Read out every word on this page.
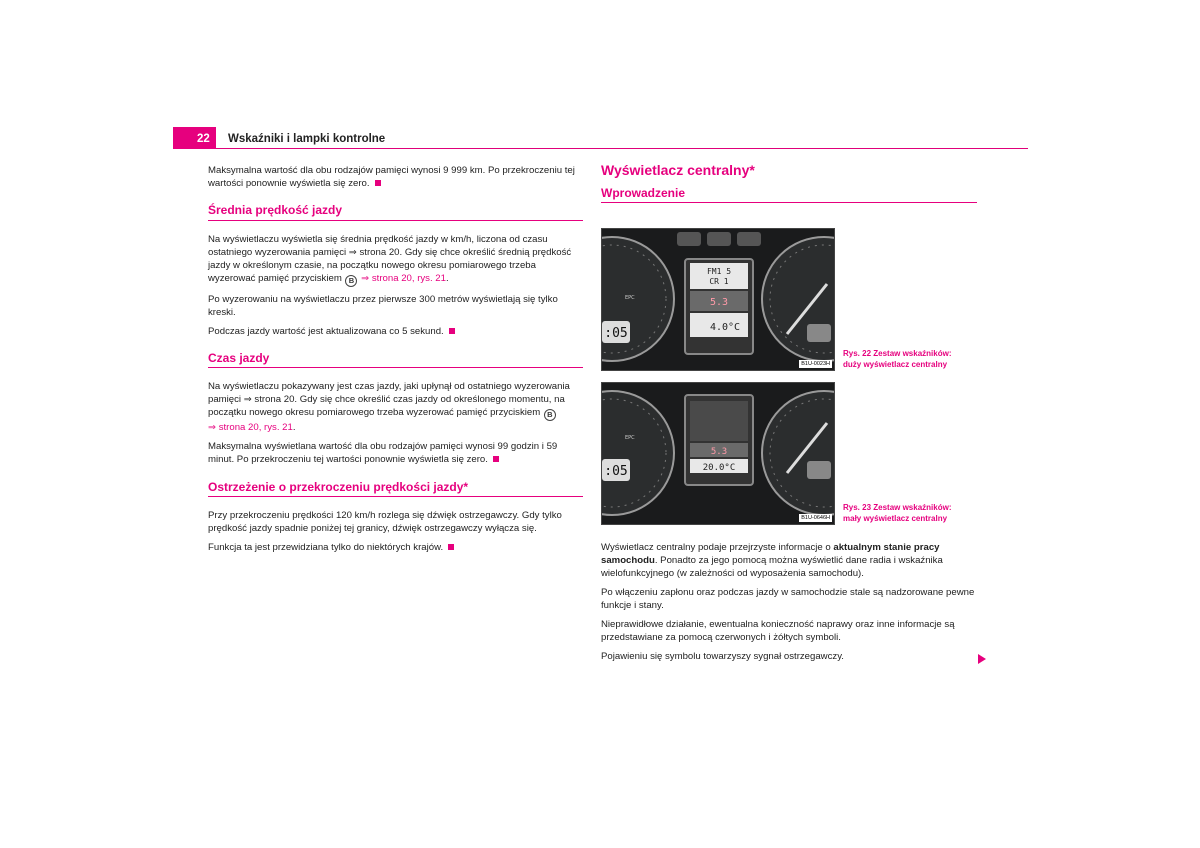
22	Wskaźniki i lampki kontrolne

Maksymalna wartość dla obu rodzajów pamięci wynosi 9 999 km. Po przekroczeniu tej wartości ponownie wyświetla się zero.

Średnia prędkość jazdy

Na wyświetlaczu wyświetla się średnia prędkość jazdy w km/h, liczona od czasu ostatniego wyzerowania pamięci ⇒ strona 20. Gdy się chce określić średnią prędkość jazdy w określonym czasie, na początku nowego okresu pomiarowego trzeba wyzerować pamięć przyciskiem B ⇒ strona 20, rys. 21.

Po wyzerowaniu na wyświetlaczu przez pierwsze 300 metrów wyświetlają się tylko kreski.

Podczas jazdy wartość jest aktualizowana co 5 sekund.

Czas jazdy

Na wyświetlaczu pokazywany jest czas jazdy, jaki upłynął od ostatniego wyzerowania pamięci ⇒ strona 20. Gdy się chce określić czas jazdy od określonego momentu, na początku nowego okresu pomiarowego trzeba wyzerować pamięć przyciskiem B
⇒ strona 20, rys. 21.

Maksymalna wyświetlana wartość dla obu rodzajów pamięci wynosi 99 godzin i 59 minut. Po przekroczeniu tej wartości ponownie wyświetla się zero.

Ostrzeżenie o przekroczeniu prędkości jazdy*

Przy przekroczeniu prędkości 120 km/h rozlega się dźwięk ostrzegawczy. Gdy tylko prędkość jazdy spadnie poniżej tej granicy, dźwięk ostrzegawczy wyłącza się.

Funkcja ta jest przewidziana tylko do niektórych krajów.

Wyświetlacz centralny*
Wprowadzenie
:05
EPC
FM1 5
CR 1
5.3
4.0°C
B1U-0023H
Rys. 22 Zestaw wskaźników:
duży wyświetlacz centralny
:05
EPC
5.3
20.0°C
B1U-0646H
Rys. 23 Zestaw wskaźników:
mały wyświetlacz centralny

Wyświetlacz centralny podaje przejrzyste informacje o aktualnym stanie pracy samochodu. Ponadto za jego pomocą można wyświetlić dane radia i wskaźnika wielofunkcyjnego (w zależności od wyposażenia samochodu).

Po włączeniu zapłonu oraz podczas jazdy w samochodzie stale są nadzorowane pewne funkcje i stany.

Nieprawidłowe działanie, ewentualna konieczność naprawy oraz inne informacje są przedstawiane za pomocą czerwonych i żółtych symboli.

Pojawieniu się symbolu towarzyszy sygnał ostrzegawczy.
